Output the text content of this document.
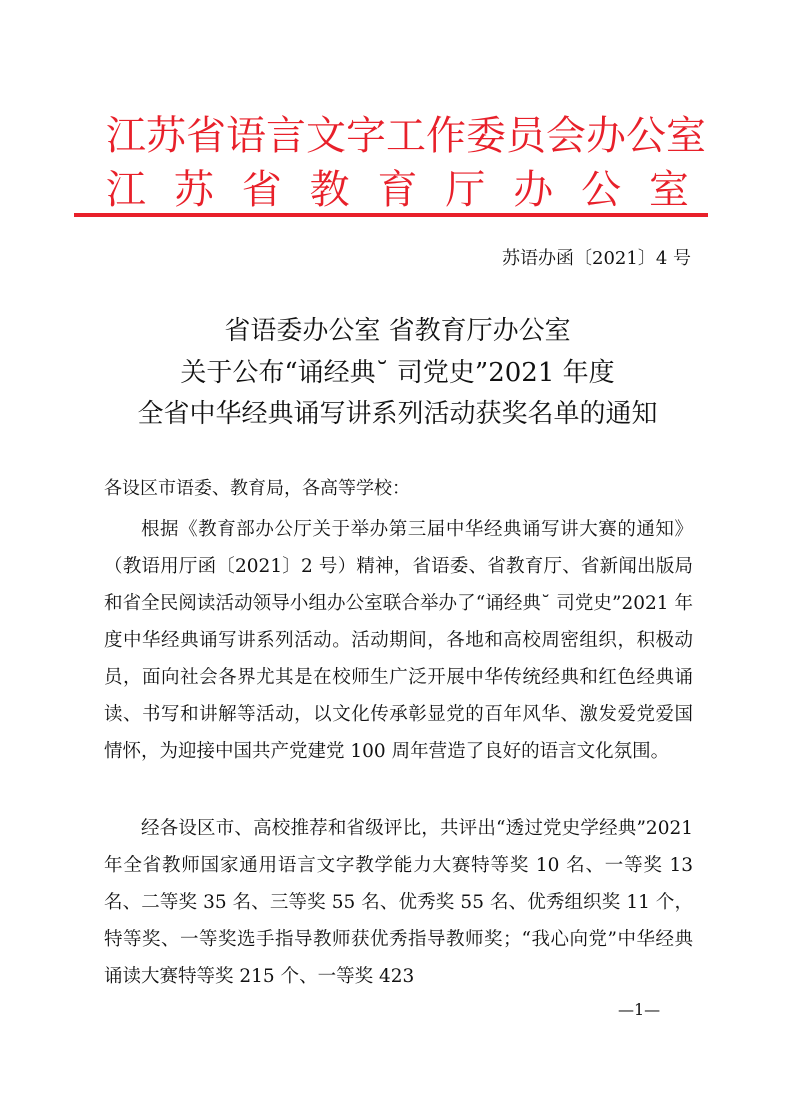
江 苏 省 语 言 文 字 工 作 委 员 会 办 公 室
江 苏 省 教 育 厅 办 公 室
苏语办函〔2021〕4 号
省语委办公室 省教育厅办公室
关于公布“诵经典˘ 司党史”2021 年度
全省中华经典诵写讲系列活动获奖名单的通知
各设区市语委、教育局，各高等学校：
根据《教育部办公厅关于举办第三届中华经典诵写讲大赛的通知》（教语用厅函〔2021〕2 号）精神，省语委、省教育厅、省新闻出版局和省全民阅读活动领导小组办公室联合举办了“诵经典˘ 司党史”2021 年度中华经典诵写讲系列活动。活动期间，各地和高校周密组织，积极动员，面向社会各界尤其是在校师生广泛开展中华传统经典和红色经典诵读、书写和讲解等活动，以文化传承彰显党的百年风华、激发爱党爱国情怀，为迎接中国共产党建党 100 周年营造了良好的语言文化氛围。
经各设区市、高校推荐和省级评比，共评出“透过党史学经典”2021 年全省教师国家通用语言文字教学能力大赛特等奖 10 名、一等奖 13 名、二等奖 35 名、三等奖 55 名、优秀奖 55 名、优秀组织奖 11 个，特等奖、一等奖选手指导教师获优秀指导教师奖；“我心向党”中华经典诵读大赛特等奖 215 个、一等奖 423
—1—
